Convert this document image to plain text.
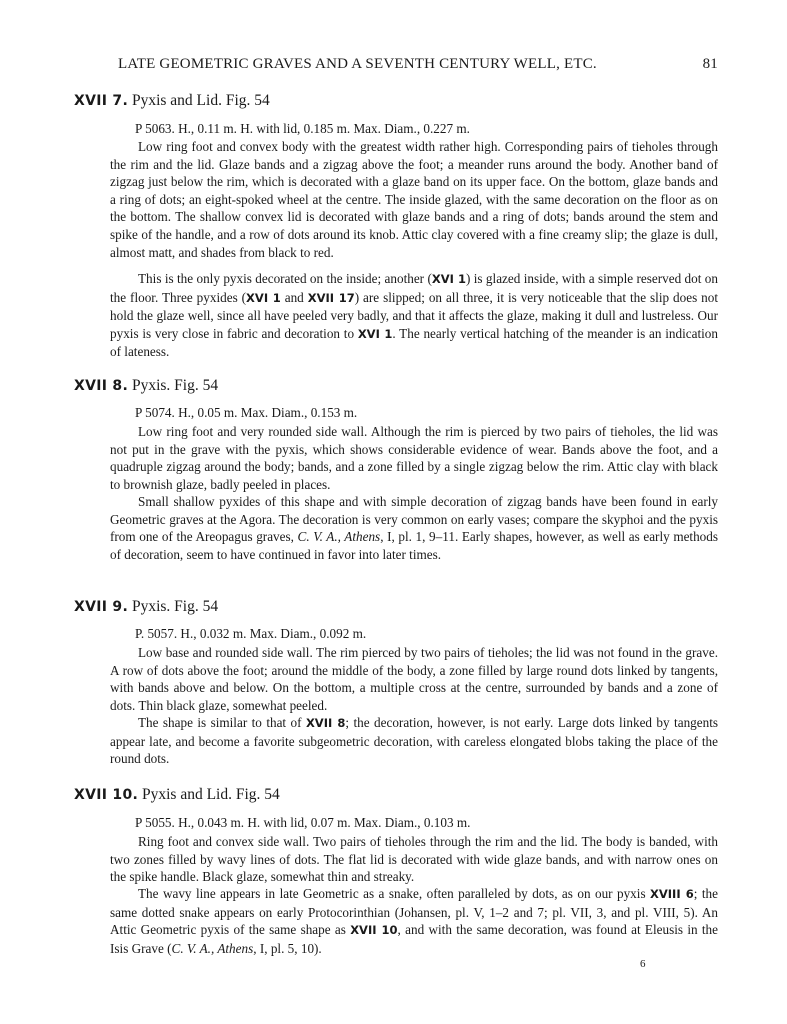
LATE GEOMETRIC GRAVES AND A SEVENTH CENTURY WELL, ETC.	81
XVII 7. Pyxis and Lid. Fig. 54
P 5063. H., 0.11 m. H. with lid, 0.185 m. Max. Diam., 0.227 m.

Low ring foot and convex body with the greatest width rather high. Corresponding pairs of tieholes through the rim and the lid. Glaze bands and a zigzag above the foot; a meander runs around the body. Another band of zigzag just below the rim, which is decorated with a glaze band on its upper face. On the bottom, glaze bands and a ring of dots; an eight-spoked wheel at the centre. The inside glazed, with the same decoration on the floor as on the bottom. The shallow convex lid is decorated with glaze bands and a ring of dots; bands around the stem and spike of the handle, and a row of dots around its knob. Attic clay covered with a fine creamy slip; the glaze is dull, almost matt, and shades from black to red.

This is the only pyxis decorated on the inside; another (XVI 1) is glazed inside, with a simple reserved dot on the floor. Three pyxides (XVI 1 and XVII 17) are slipped; on all three, it is very noticeable that the slip does not hold the glaze well, since all have peeled very badly, and that it affects the glaze, making it dull and lustreless. Our pyxis is very close in fabric and decoration to XVI 1. The nearly vertical hatching of the meander is an indication of lateness.

XVII 8. Pyxis. Fig. 54
P 5074. H., 0.05 m. Max. Diam., 0.153 m.

Low ring foot and very rounded side wall. Although the rim is pierced by two pairs of tieholes, the lid was not put in the grave with the pyxis, which shows considerable evidence of wear. Bands above the foot, and a quadruple zigzag around the body; bands, and a zone filled by a single zigzag below the rim. Attic clay with black to brownish glaze, badly peeled in places.

Small shallow pyxides of this shape and with simple decoration of zigzag bands have been found in early Geometric graves at the Agora. The decoration is very common on early vases; compare the skyphoi and the pyxis from one of the Areopagus graves, C. V. A., Athens, I, pl. 1, 9–11. Early shapes, however, as well as early methods of decoration, seem to have continued in favor into later times.

XVII 9. Pyxis. Fig. 54
P. 5057. H., 0.032 m. Max. Diam., 0.092 m.

Low base and rounded side wall. The rim pierced by two pairs of tieholes; the lid was not found in the grave. A row of dots above the foot; around the middle of the body, a zone filled by large round dots linked by tangents, with bands above and below. On the bottom, a multiple cross at the centre, surrounded by bands and a zone of dots. Thin black glaze, somewhat peeled.

The shape is similar to that of XVII 8; the decoration, however, is not early. Large dots linked by tangents appear late, and become a favorite subgeometric decoration, with careless elongated blobs taking the place of the round dots.

XVII 10. Pyxis and Lid. Fig. 54
P 5055. H., 0.043 m. H. with lid, 0.07 m. Max. Diam., 0.103 m.

Ring foot and convex side wall. Two pairs of tieholes through the rim and the lid. The body is banded, with two zones filled by wavy lines of dots. The flat lid is decorated with wide glaze bands, and with narrow ones on the spike handle. Black glaze, somewhat thin and streaky.

The wavy line appears in late Geometric as a snake, often paralleled by dots, as on our pyxis XVIII 6; the same dotted snake appears on early Protocorinthian (Johansen, pl. V, 1–2 and 7; pl. VII, 3, and pl. VIII, 5). An Attic Geometric pyxis of the same shape as XVII 10, and with the same decoration, was found at Eleusis in the Isis Grave (C. V. A., Athens, I, pl. 5, 10).

6
